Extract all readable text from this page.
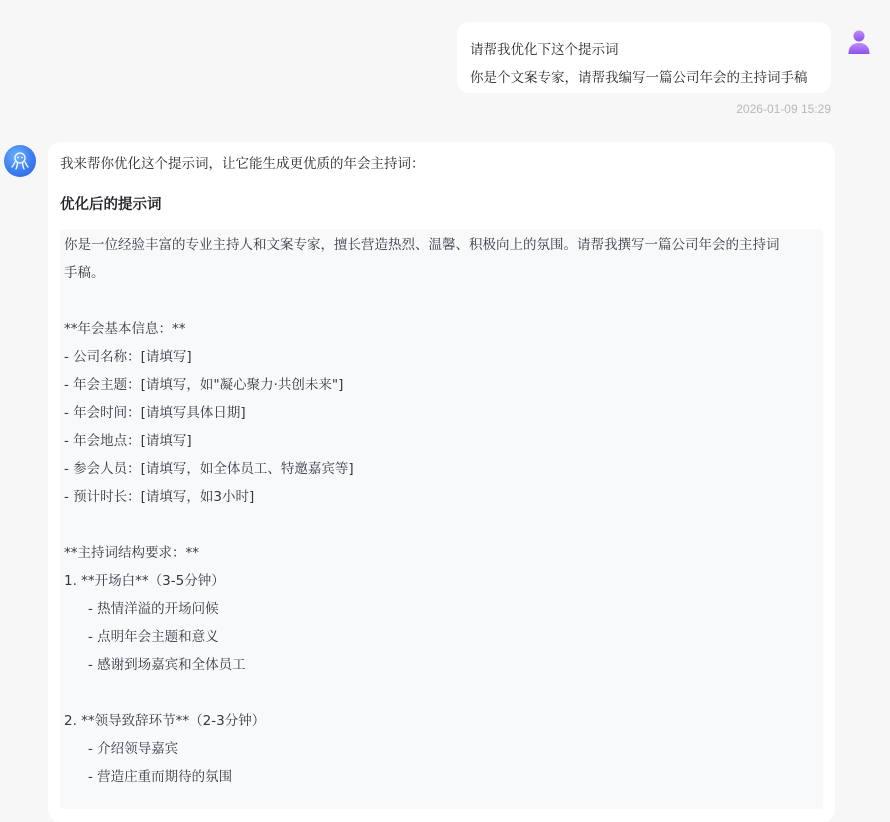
请帮我优化下这个提示词
你是个文案专家，请帮我编写一篇公司年会的主持词手稿
2026-01-09 15:29
我来帮你优化这个提示词，让它能生成更优质的年会主持词：
优化后的提示词
你是一位经验丰富的专业主持人和文案专家，擅长营造热烈、温馨、积极向上的氛围。请帮我撰写一篇公司年会的主持词
手稿。
**年会基本信息：**
- 公司名称：[请填写]
- 年会主题：[请填写，如"凝心聚力·共创未来"]
- 年会时间：[请填写具体日期]
- 年会地点：[请填写]
- 参会人员：[请填写，如全体员工、特邀嘉宾等]
- 预计时长：[请填写，如3小时]
**主持词结构要求：**
1. **开场白**（3-5分钟）
- 热情洋溢的开场问候
- 点明年会主题和意义
- 感谢到场嘉宾和全体员工
2. **领导致辞环节**（2-3分钟）
- 介绍领导嘉宾
- 营造庄重而期待的氛围
